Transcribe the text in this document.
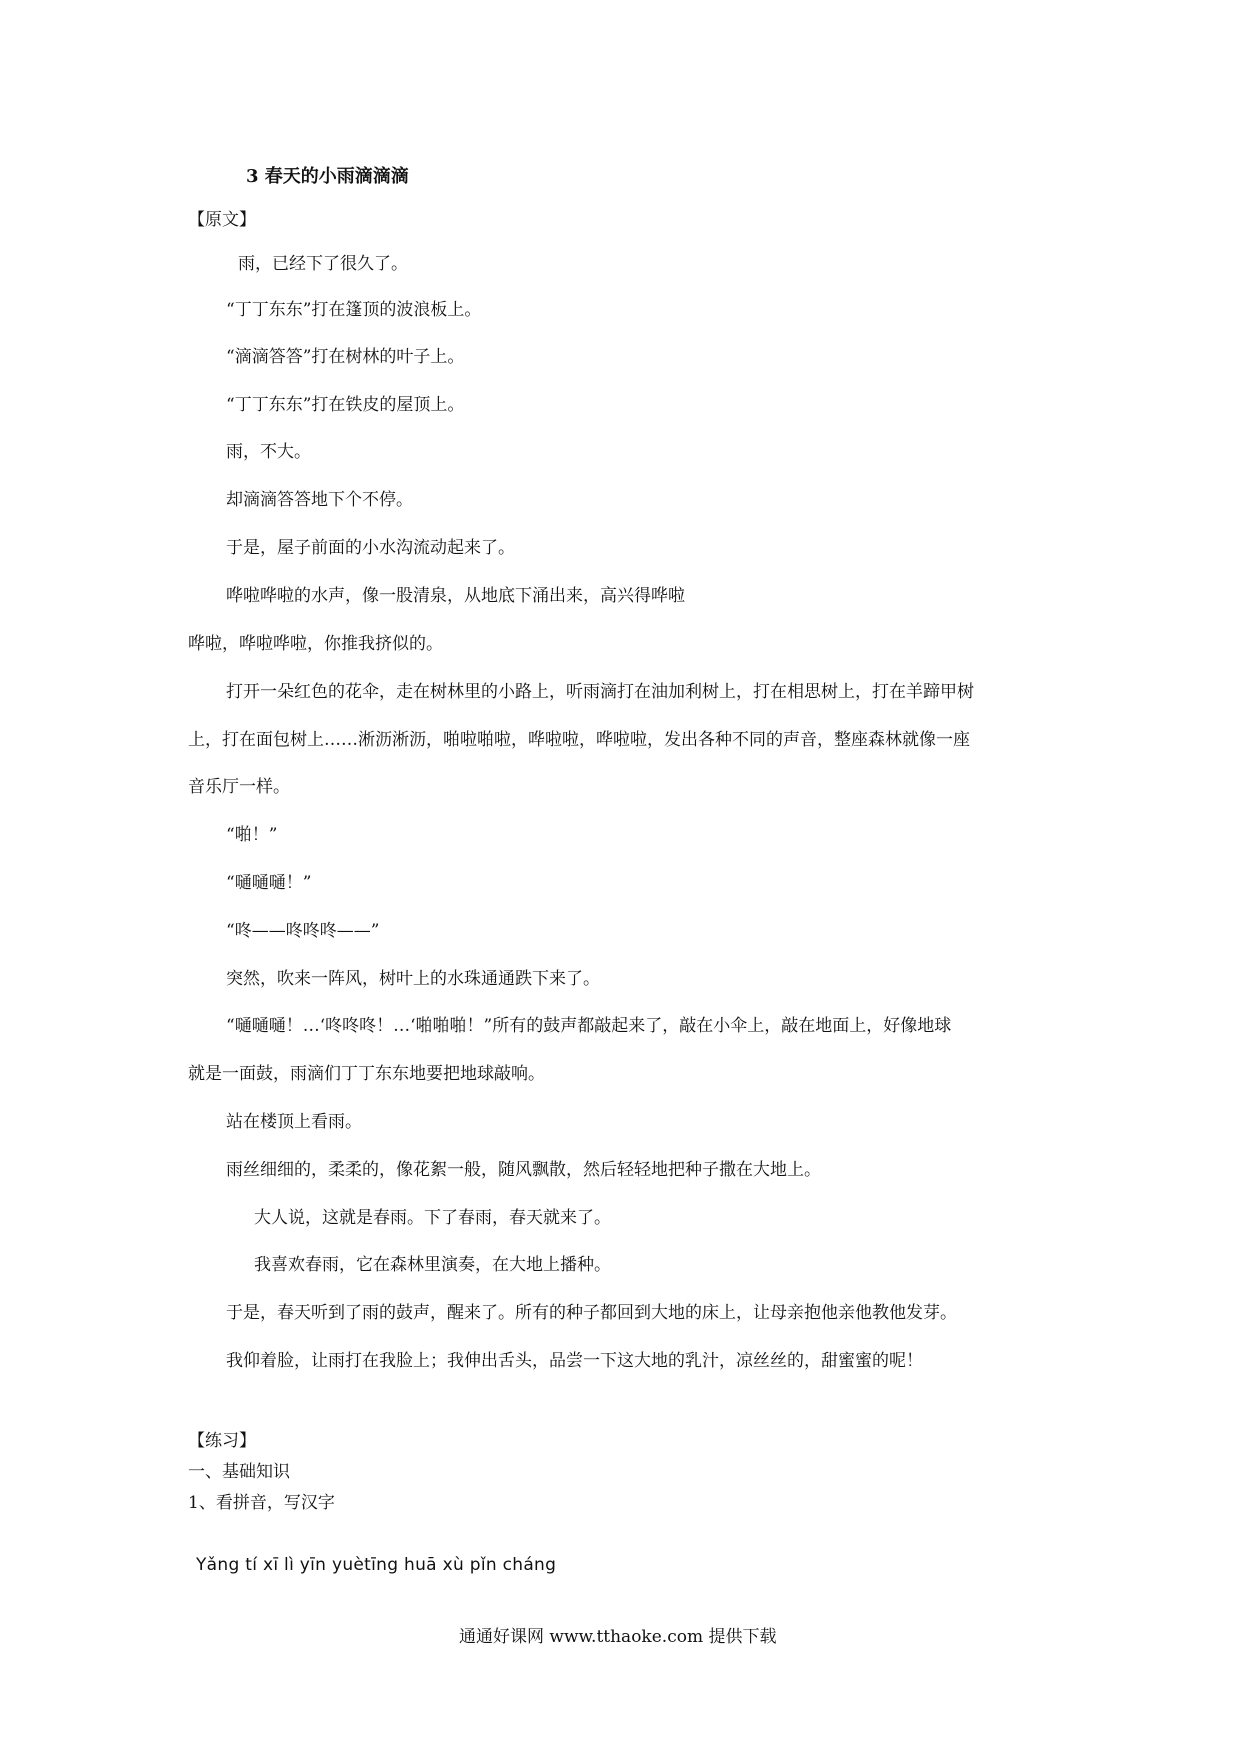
3 春天的小雨滴滴滴
【原文】
雨，已经下了很久了。
“丁丁东东”打在篷顶的波浪板上。
“滴滴答答”打在树林的叶子上。
“丁丁东东”打在铁皮的屋顶上。
雨，不大。
却滴滴答答地下个不停。
于是，屋子前面的小水沟流动起来了。
哗啦哗啦的水声，像一股清泉，从地底下涌出来，高兴得哗啦
哗啦，哗啦哗啦，你推我挤似的。
打开一朵红色的花伞，走在树林里的小路上，听雨滴打在油加利树上，打在相思树上，打在羊蹄甲树
上，打在面包树上……淅沥淅沥，啪啦啪啦，哗啦啦，哗啦啦，发出各种不同的声音，整座森林就像一座
音乐厅一样。
“啪！”
“嗵嗵嗵！”
“咚——咚咚咚——”
突然，吹来一阵风，树叶上的水珠通通跌下来了。
“嗵嗵嗵！…‘咚咚咚！…‘啪啪啪！”所有的鼓声都敲起来了，敲在小伞上，敲在地面上，好像地球
就是一面鼓，雨滴们丁丁东东地要把地球敲响。
站在楼顶上看雨。
雨丝细细的，柔柔的，像花絮一般，随风飘散，然后轻轻地把种子撒在大地上。
大人说，这就是春雨。下了春雨，春天就来了。
我喜欢春雨，它在森林里演奏，在大地上播种。
于是，春天听到了雨的鼓声，醒来了。所有的种子都回到大地的床上，让母亲抱他亲他教他发芽。
我仰着脸，让雨打在我脸上；我伸出舌头，品尝一下这大地的乳汁，凉丝丝的，甜蜜蜜的呢！
【练习】
一、基础知识
1、看拼音，写汉字
Yǎng tí xī lì yīn yuètīng huā xù pǐn cháng
通通好课网 www.tthaoke.com 提供下载
